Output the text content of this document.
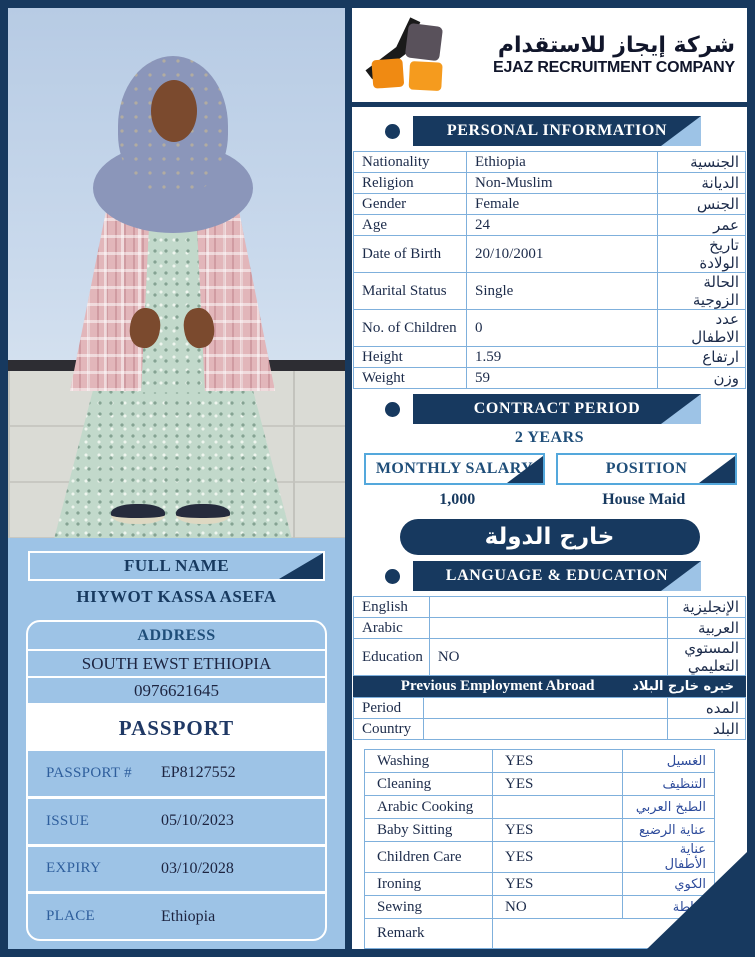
FULL NAME
HIYWOT KASSA ASEFA
ADDRESS
SOUTH EWST ETHIOPIA
0976621645
PASSPORT
PASSPORT #	EP8127552
ISSUE	05/10/2023
EXPIRY	03/10/2028
PLACE	Ethiopia
شركة إيجاز للاستقدام
EJAZ RECRUITMENT COMPANY
PERSONAL INFORMATION
Nationality	Ethiopia	الجنسية
Religion	Non-Muslim	الديانة
Gender	Female	الجنس
Age	24	عمر
Date of Birth	20/10/2001	تاريخ الولادة
Marital Status	Single	الحالة الزوجية
No. of Children	0	عدد الاطفال
Height	1.59	ارتفاع
Weight	59	وزن
CONTRACT PERIOD
2 YEARS
MONTHLY SALARY	POSITION
1,000	House Maid
خارج الدولة
LANGUAGE & EDUCATION
English		الإنجليزية
Arabic		العربية
Education	NO	المستوي التعليمي
Previous Employment Abroad	خبره خارج البلاد
Period		المده
Country		البلد
Washing	YES	الغسيل
Cleaning	YES	التنظيف
Arabic Cooking		الطبخ العربي
Baby Sitting	YES	عناية الرضيع
Children Care	YES	عناية الأطفال
Ironing	YES	الكوي
Sewing	NO	خياطة
Remark		
